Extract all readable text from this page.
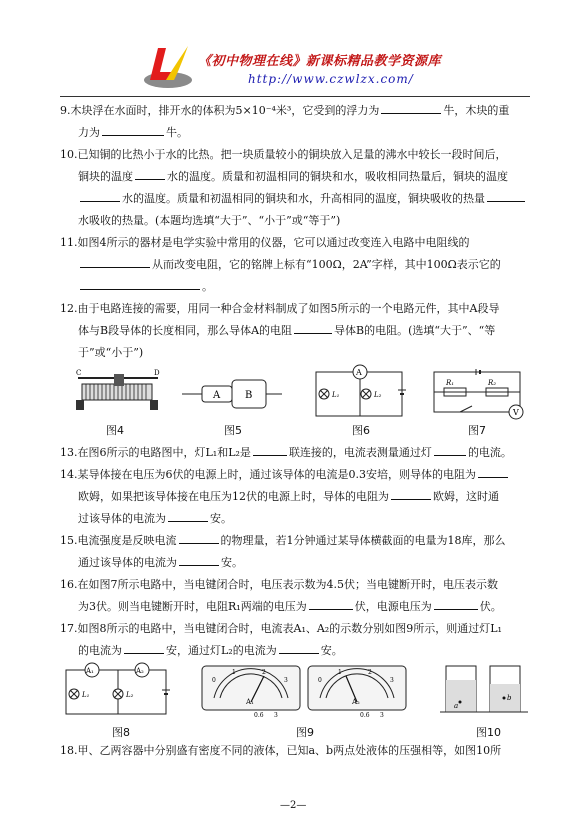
《初中物理在线》新课标精品教学资源库
http://www.czwlzx.com/
9.木块浮在水面时，排开水的体积为5×10⁻⁴米³，它受到的浮力为	牛，木块的重
力为	牛。
10.已知铜的比热小于水的比热。把一块质量较小的铜块放入足量的沸水中较长一段时间后，
铜块的温度	水的温度。质量和初温相同的铜块和水，吸收相同热量后，铜块的温度
水的温度。质量和初温相同的铜块和水，升高相同的温度，铜块吸收的热量
水吸收的热量。(本题均选填“大于”、“小于”或“等于”)
11.如图4所示的器材是电学实验中常用的仪器，它可以通过改变连入电路中电阻线的
从而改变电阻，它的铭牌上标有“100Ω，2A”字样，其中100Ω表示它的
。
12.由于电路连接的需要，用同一种合金材料制成了如图5所示的一个电路元件，其中A段导
体与B段导体的长度相同，那么导体A的电阻	导体B的电阻。(选填“大于”、“等
于”或“小于”)
C	D
图4
A B
图5
A
L₁	L₂
图6
R₁	R₂
V
图7
13.在图6所示的电路图中，灯L₁和L₂是	联连接的，电流表测量通过灯	的电流。
14.某导体接在电压为6伏的电源上时，通过该导体的电流是0.3安培，则导体的电阻为
欧姆，如果把该导体接在电压为12伏的电源上时，导体的电阻为	欧姆，这时通
过该导体的电流为	安。
15.电流强度是反映电流	的物理量，若1分钟通过某导体横截面的电量为18库，那么
通过该导体的电流为	安。
16.在如图7所示电路中，当电键闭合时，电压表示数为4.5伏；当电键断开时，电压表示数
为3伏。则当电键断开时，电阻R₁两端的电压为	伏，电源电压为	伏。
17.如图8所示的电路中，当电键闭合时，电流表A₁、A₂的示数分别如图9所示，则通过灯L₁
的电流为	安，通过灯L₂的电流为	安。
A₁	A₂
L₁	L₂
图8
0
1	2
3
A₁
0.6 3
0
1	2
3
A₂
0.6 3
图9
a
b
图10
18.甲、乙两容器中分别盛有密度不同的液体，已知a、b两点处液体的压强相等，如图10所
—2—
